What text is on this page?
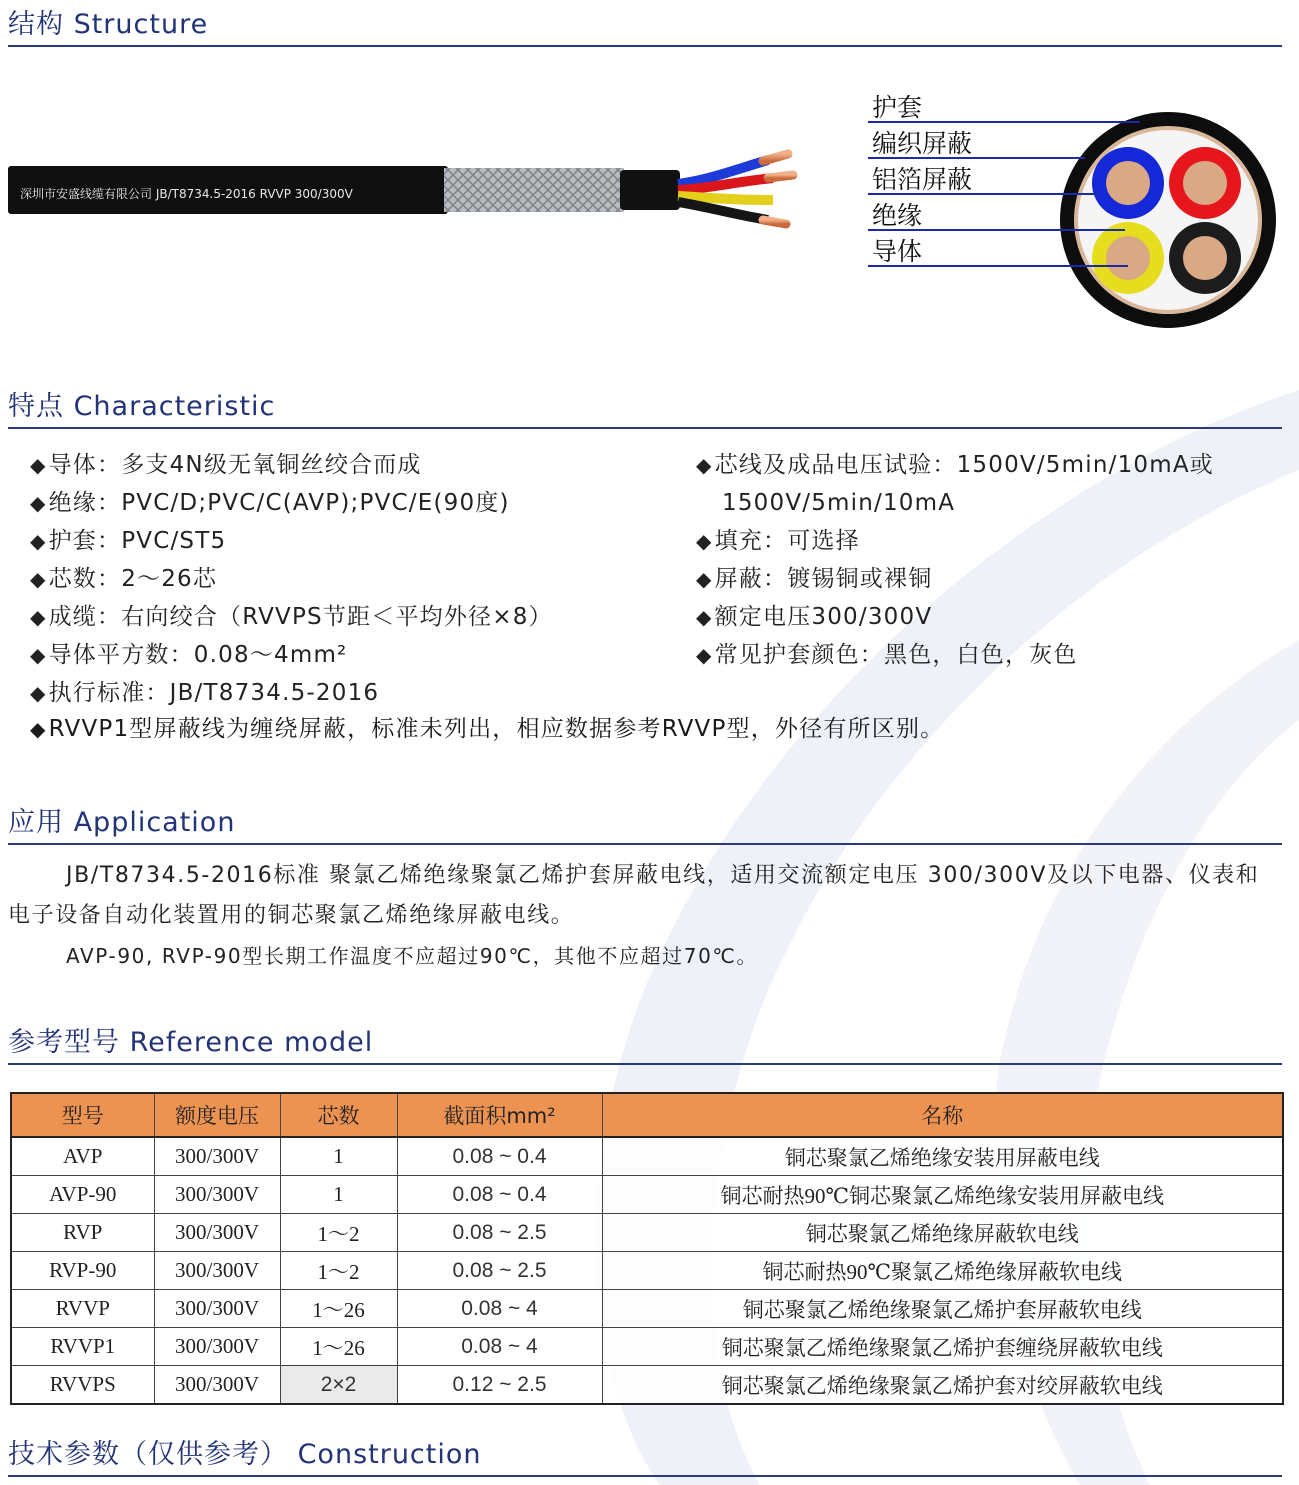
结构 Structure
深圳市安盛线缆有限公司 JB/T8734.5-2016 RVVP 300/300V
护套
编织屏蔽
铝箔屏蔽
绝缘
导体
特点 Characteristic
◆导体：多支4N级无氧铜丝绞合而成
◆绝缘：PVC/D;PVC/C(AVP);PVC/E(90度)
◆护套：PVC/ST5
◆芯数：2～26芯
◆成缆：右向绞合（RVVPS节距＜平均外径×8）
◆导体平方数：0.08～4mm²
◆执行标准：JB/T8734.5-2016
◆芯线及成品电压试验：1500V/5min/10mA或
1500V/5min/10mA
◆填充：可选择
◆屏蔽：镀锡铜或裸铜
◆额定电压300/300V
◆常见护套颜色：黑色，白色，灰色
◆RVVP1型屏蔽线为缠绕屏蔽，标准未列出，相应数据参考RVVP型，外径有所区别。
应用 Application

JB/T8734.5-2016标准 聚氯乙烯绝缘聚氯乙烯护套屏蔽电线，适用交流额定电压 300/300V及以下电器、仪表和电子设备自动化装置用的铜芯聚氯乙烯绝缘屏蔽电线。

AVP-90, RVP-90型长期工作温度不应超过90℃，其他不应超过70℃。

参考型号 Reference model
型号	额度电压	芯数	截面积mm²	名称
AVP	300/300V	1	0.08 ~ 0.4	铜芯聚氯乙烯绝缘安装用屏蔽电线
AVP-90	300/300V	1	0.08 ~ 0.4	铜芯耐热90℃铜芯聚氯乙烯绝缘安装用屏蔽电线
RVP	300/300V	1～2	0.08 ~ 2.5	铜芯聚氯乙烯绝缘屏蔽软电线
RVP-90	300/300V	1～2	0.08 ~ 2.5	铜芯耐热90℃聚氯乙烯绝缘屏蔽软电线
RVVP	300/300V	1～26	0.08 ~ 4	铜芯聚氯乙烯绝缘聚氯乙烯护套屏蔽软电线
RVVP1	300/300V	1～26	0.08 ~ 4	铜芯聚氯乙烯绝缘聚氯乙烯护套缠绕屏蔽软电线
RVVPS	300/300V	2×2	0.12 ~ 2.5	铜芯聚氯乙烯绝缘聚氯乙烯护套对绞屏蔽软电线
技术参数（仅供参考） Construction
